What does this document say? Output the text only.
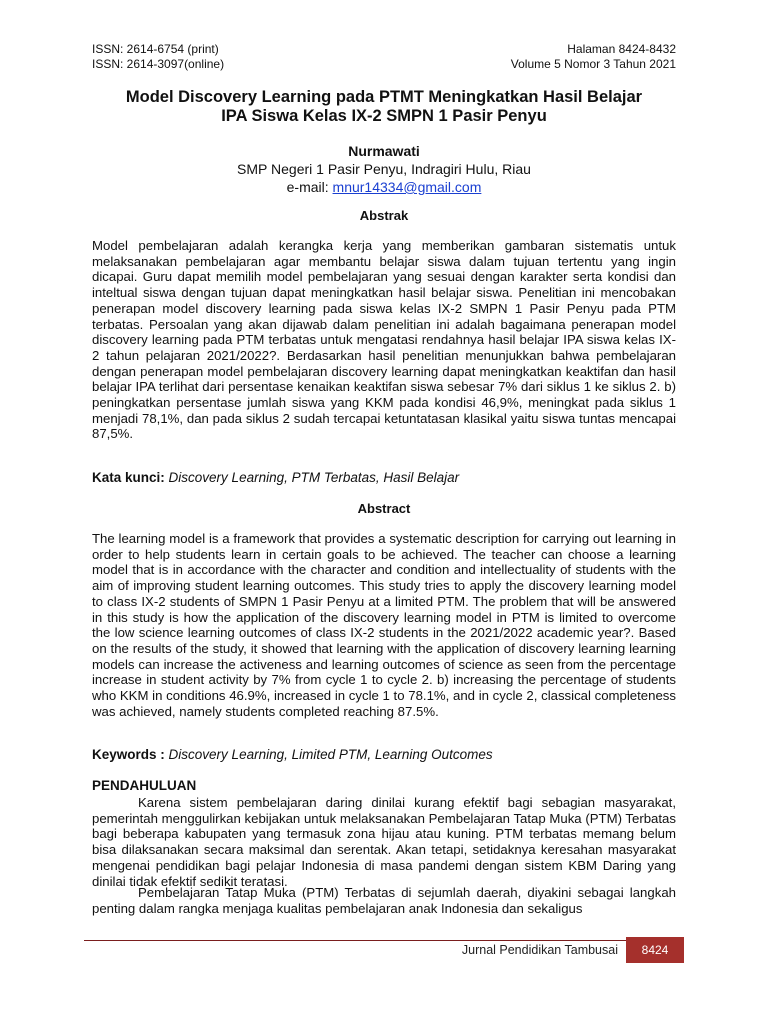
ISSN: 2614-6754 (print)
ISSN: 2614-3097(online)
Halaman 8424-8432
Volume 5 Nomor 3 Tahun 2021
Model Discovery Learning pada PTMT Meningkatkan Hasil Belajar
IPA Siswa Kelas IX-2 SMPN 1 Pasir Penyu
Nurmawati
SMP Negeri 1 Pasir Penyu, Indragiri Hulu, Riau
e-mail: mnur14334@gmail.com
Abstrak
Model pembelajaran adalah kerangka kerja yang memberikan gambaran sistematis untuk melaksanakan pembelajaran agar membantu belajar siswa dalam tujuan tertentu yang ingin dicapai. Guru dapat memilih model pembelajaran yang sesuai dengan karakter serta kondisi dan inteltual siswa dengan tujuan dapat meningkatkan hasil belajar siswa. Penelitian ini mencobakan penerapan model discovery learning pada siswa kelas IX-2 SMPN 1 Pasir Penyu pada PTM terbatas. Persoalan yang akan dijawab dalam penelitian ini adalah bagaimana penerapan model discovery learning pada PTM terbatas untuk mengatasi rendahnya hasil belajar IPA siswa kelas IX-2 tahun pelajaran 2021/2022?. Berdasarkan hasil penelitian menunjukkan bahwa pembelajaran dengan penerapan model pembelajaran discovery learning dapat meningkatkan keaktifan dan hasil belajar IPA terlihat dari persentase kenaikan keaktifan siswa sebesar 7% dari siklus 1 ke siklus 2. b) peningkatkan persentase jumlah siswa yang KKM pada kondisi 46,9%, meningkat pada siklus 1 menjadi 78,1%, dan pada siklus 2 sudah tercapai ketuntatasan klasikal yaitu siswa tuntas mencapai 87,5%.
Kata kunci: Discovery Learning, PTM Terbatas, Hasil Belajar
Abstract
The learning model is a framework that provides a systematic description for carrying out learning in order to help students learn in certain goals to be achieved. The teacher can choose a learning model that is in accordance with the character and condition and intellectuality of students with the aim of improving student learning outcomes. This study tries to apply the discovery learning model to class IX-2 students of SMPN 1 Pasir Penyu at a limited PTM. The problem that will be answered in this study is how the application of the discovery learning model in PTM is limited to overcome the low science learning outcomes of class IX-2 students in the 2021/2022 academic year?. Based on the results of the study, it showed that learning with the application of discovery learning learning models can increase the activeness and learning outcomes of science as seen from the percentage increase in student activity by 7% from cycle 1 to cycle 2. b) increasing the percentage of students who KKM in conditions 46.9%, increased in cycle 1 to 78.1%, and in cycle 2, classical completeness was achieved, namely students completed reaching 87.5%.
Keywords : Discovery Learning, Limited PTM, Learning Outcomes
PENDAHULUAN
Karena sistem pembelajaran daring dinilai kurang efektif bagi sebagian masyarakat, pemerintah menggulirkan kebijakan untuk melaksanakan Pembelajaran Tatap Muka (PTM) Terbatas bagi beberapa kabupaten yang termasuk zona hijau atau kuning. PTM terbatas memang belum bisa dilaksanakan secara maksimal dan serentak. Akan tetapi, setidaknya keresahan masyarakat mengenai pendidikan bagi pelajar Indonesia di masa pandemi dengan sistem KBM Daring yang dinilai tidak efektif sedikit teratasi.
Pembelajaran Tatap Muka (PTM) Terbatas di sejumlah daerah, diyakini sebagai langkah penting dalam rangka menjaga kualitas pembelajaran anak Indonesia dan sekaligus
Jurnal Pendidikan Tambusai	8424
